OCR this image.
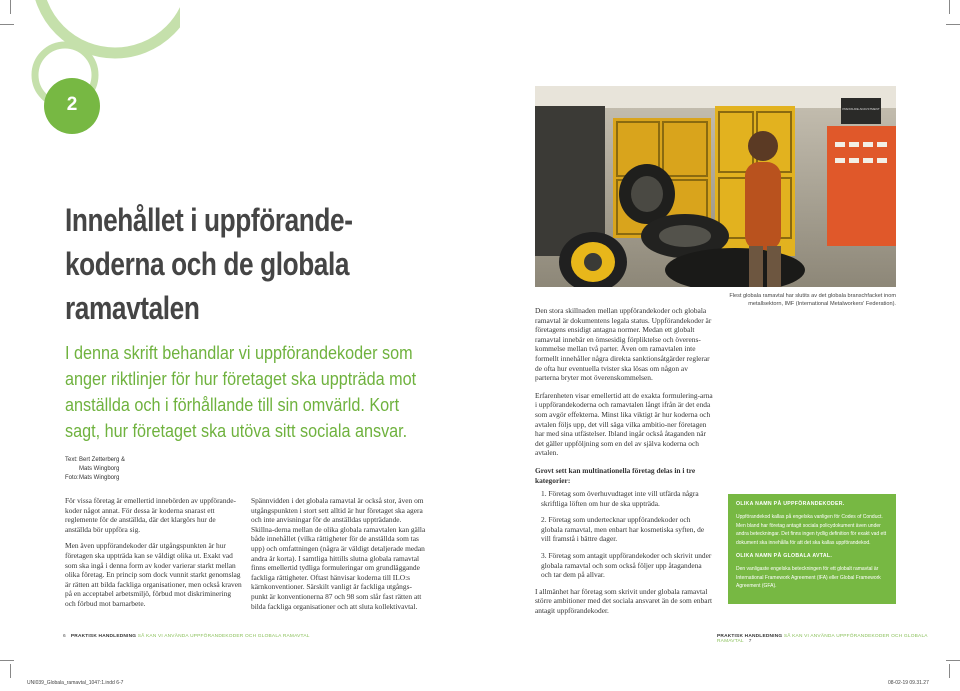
2
Innehållet i uppförande-
koderna och de globala
ramavtalen
I denna skrift behandlar vi uppförandekoder som
anger riktlinjer för hur företaget ska uppträda mot
anställda och i förhållande till sin omvärld. Kort
sagt, hur företaget ska utöva sitt sociala ansvar.
Text: Bert Zetterberg &
Mats Wingborg
Foto: Mats Wingborg

För vissa företag är emellertid innebörden av uppförande-koder något annat. För dessa är koderna snarast ett reglemente för de anställda, där det klargörs hur de anställda bör uppföra sig.

Men även uppförandekoder där utgångspunkten är hur företagen ska uppträda kan se väldigt olika ut. Exakt vad som ska ingå i denna form av koder varierar starkt mellan olika företag. En princip som dock vunnit starkt genomslag är rätten att bilda fackliga organisationer, men också kraven på en acceptabel arbetsmiljö, förbud mot diskriminering och förbud mot barnarbete.

Spännvidden i det globala ramavtal är också stor, även om utgångspunkten i stort sett alltid är hur företaget ska agera och inte anvisningar för de anställdas uppträdande. Skillna-derna mellan de olika globala ramavtalen kan gälla både innehållet (vilka rättigheter för de anställda som tas upp) och omfattningen (några är väldigt detaljerade medan andra är korta). I samtliga hittills slutna globala ramavtal finns emellertid tydliga formuleringar om grundläggande fackliga rättigheter. Oftast hänvisar koderna till ILO:s kärnkonventioner. Särskilt vanligt är fackliga utgångs-punkt är konventionerna 87 och 98 som slår fast rätten att bilda fackliga organisationer och att sluta kollektivavtal.

PRESSURE ADJUSTMENT
Flest globala ramavtal har slutits av det globala branschfacket inom metallsektorn, IMF (International Metalworkers' Federation).

Den stora skillnaden mellan uppförandekoder och globala ramavtal är dokumentens legala status. Uppförandekoder är företagens ensidigt antagna normer. Medan ett globalt ramavtal innebär en ömsesidig förpliktelse och överens-kommelse mellan två parter. Även om ramavtalen inte formellt innehåller några direkta sanktionsåtgärder reglerar de ofta hur eventuella tvister ska lösas om någon av parterna bryter mot överenskommelsen.

Erfarenheten visar emellertid att de exakta formulering-arna i uppförandekoderna och ramavtalen långt ifrån är det enda som avgör effekterna. Minst lika viktigt är hur koderna och avtalen följs upp, det vill säga vilka ambitio-ner företagen har med sina utfästelser. Ibland ingår också åtaganden när det gäller uppföljning som en del av själva koderna och avtalen.

Grovt sett kan multinationella företag delas in i tre kategorier:

1. Företag som överhuvudtaget inte vill utfärda några skriftliga löften om hur de ska uppträda.
2. Företag som undertecknar uppförandekoder och globala ramavtal, men enbart har kosmetiska syften, de vill framstå i bättre dager.
3. Företag som antagit uppförandekoder och skrivit under globala ramavtal och som också följer upp åtagandena och tar dem på allvar.

I allmänhet har företag som skrivit under globala ramavtal större ambitioner med det sociala ansvaret än de som enbart antagit uppförandekoder.

OLIKA NAMN PÅ UPPFÖRANDEKODER.

Uppförandekod kallas på engelska vanligen för Codes of Conduct. Men bland har företag antagit sociala policydokument även under andra beteckningar. Det finns ingen tydlig definition för exakt vad ett dokument ska innehålla för att det ska kallas uppförandekod.

OLIKA NAMN PÅ GLOBALA AVTAL.

Den vanligaste engelska beteckningen för ett globalt ramavtal är International Framework Agreement (IFA) eller Global Framework Agreement (GFA).

6 PRAKTISK HANDLEDNING SÅ KAN VI ANVÄNDA UPPFÖRANDEKODER OCH GLOBALA RAMAVTAL	PRAKTISK HANDLEDNING SÅ KAN VI ANVÄNDA UPPFÖRANDEKODER OCH GLOBALA RAMAVTAL 7
UNI039_Globala_ramavtal_1047:1.indd 6-7	08-02-19 09.31.27
